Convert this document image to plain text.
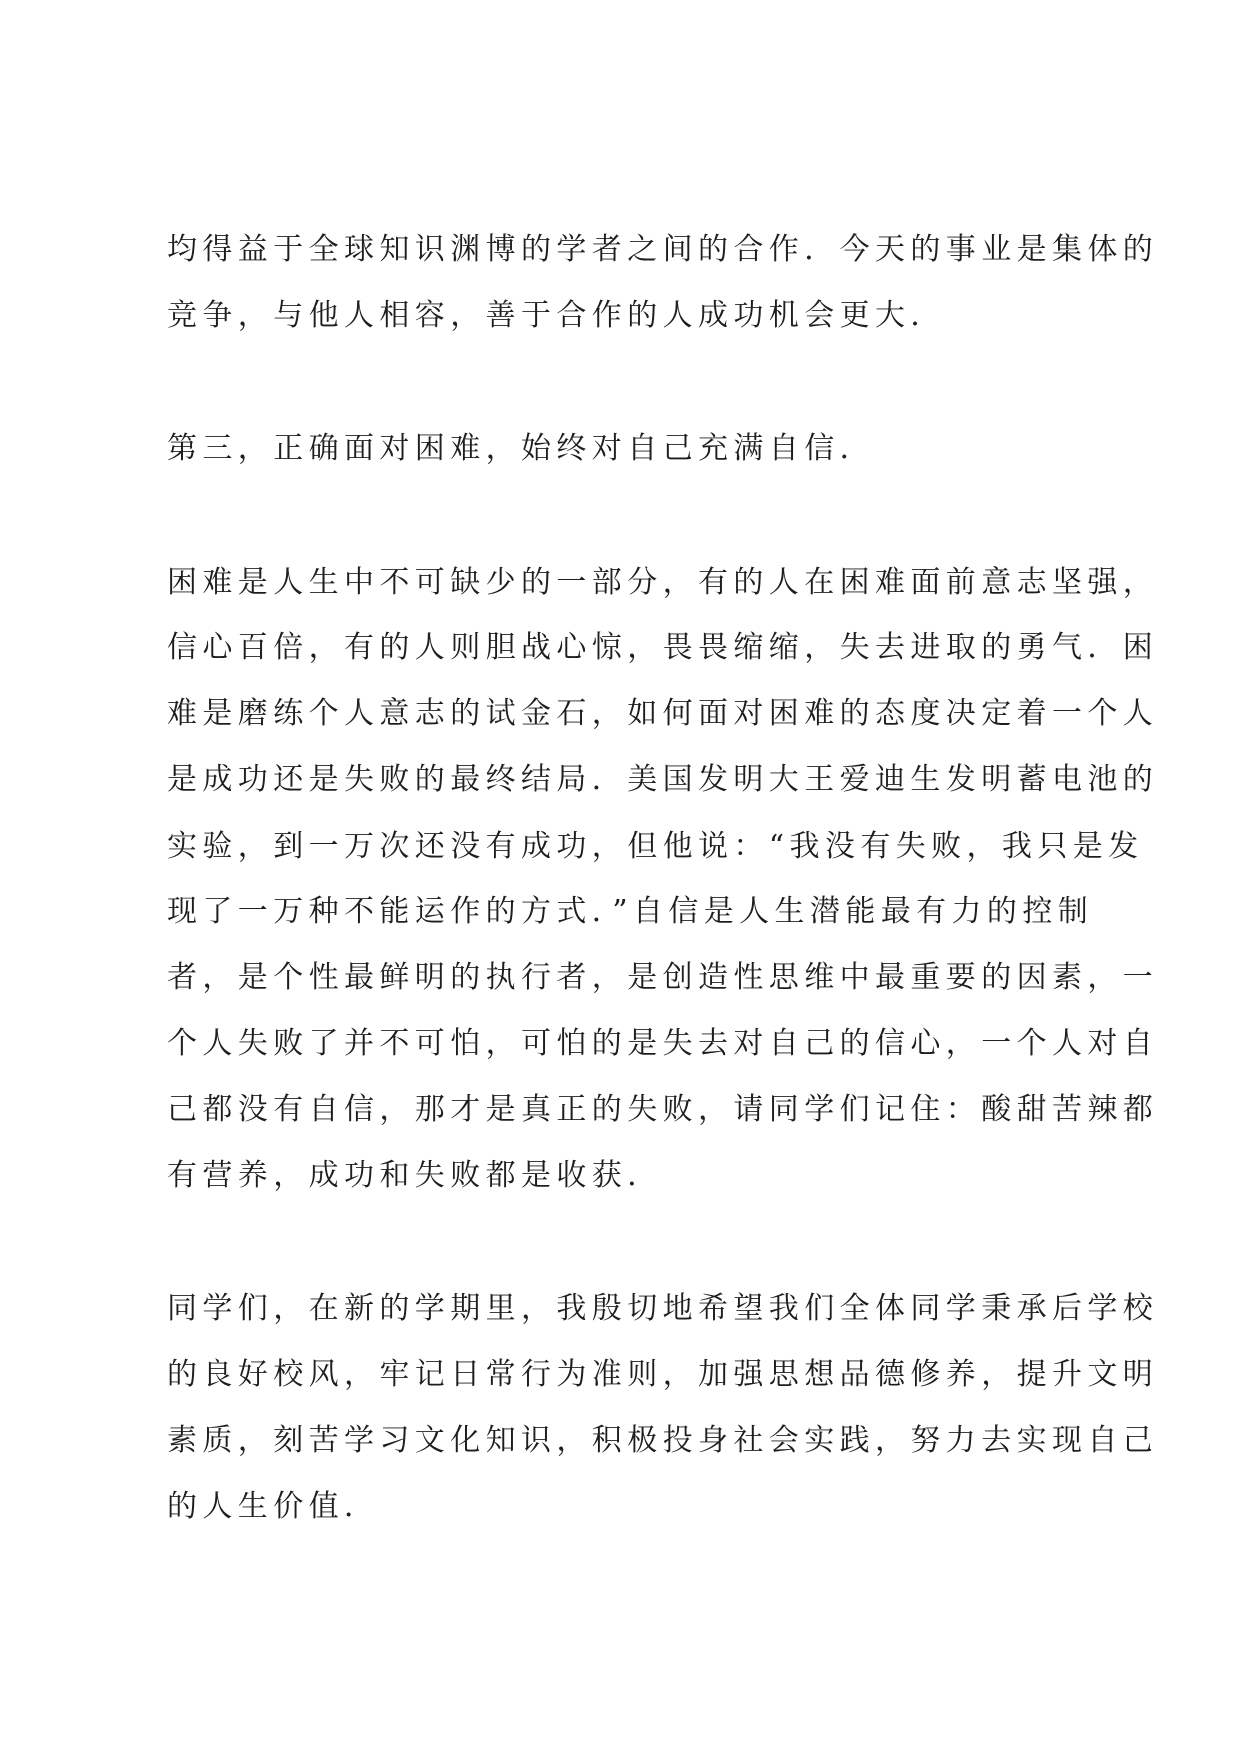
均得益于全球知识渊博的学者之间的合作．今天的事业是集体的

竞争，与他人相容，善于合作的人成功机会更大．

第三，正确面对困难，始终对自己充满自信．

困难是人生中不可缺少的一部分，有的人在困难面前意志坚强，

信心百倍，有的人则胆战心惊，畏畏缩缩，失去进取的勇气．困

难是磨练个人意志的试金石，如何面对困难的态度决定着一个人

是成功还是失败的最终结局．美国发明大王爱迪生发明蓄电池的

实验，到一万次还没有成功，但他说：“我没有失败，我只是发

现了一万种不能运作的方式．”自信是人生潜能最有力的控制

者，是个性最鲜明的执行者，是创造性思维中最重要的因素，一

个人失败了并不可怕，可怕的是失去对自己的信心，一个人对自

己都没有自信，那才是真正的失败，请同学们记住：酸甜苦辣都

有营养，成功和失败都是收获．

同学们，在新的学期里，我殷切地希望我们全体同学秉承后学校

的良好校风，牢记日常行为准则，加强思想品德修养，提升文明

素质，刻苦学习文化知识，积极投身社会实践，努力去实现自己

的人生价值．
